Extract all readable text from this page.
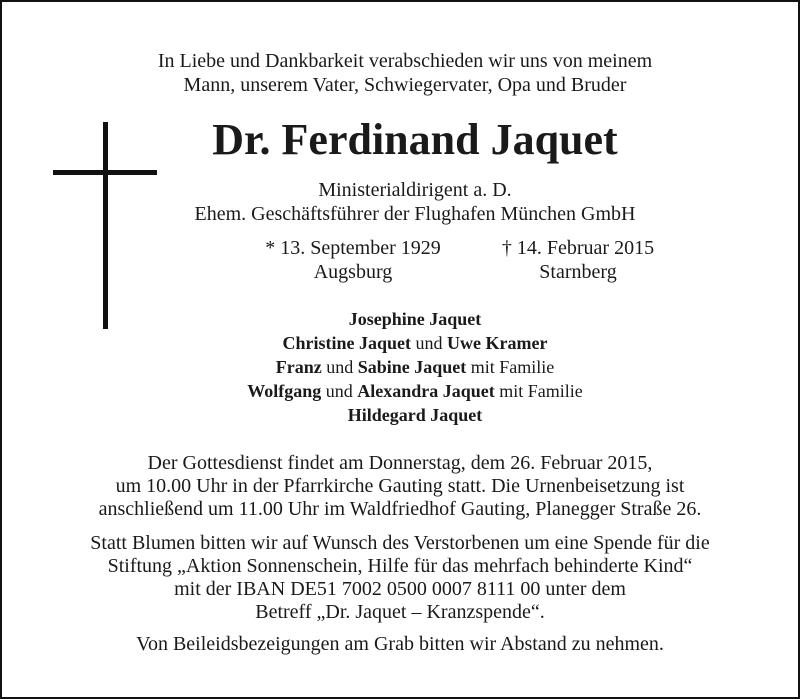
In Liebe und Dankbarkeit verabschieden wir uns von meinem
Mann, unserem Vater, Schwiegervater, Opa und Bruder
Dr. Ferdinand Jaquet
Ministerialdirigent a. D.
Ehem. Geschäftsführer der Flughafen München GmbH
* 13. September 1929
Augsburg
† 14. Februar 2015
Starnberg
Josephine Jaquet
Christine Jaquet und Uwe Kramer
Franz und Sabine Jaquet mit Familie
Wolfgang und Alexandra Jaquet mit Familie
Hildegard Jaquet
Der Gottesdienst findet am Donnerstag, dem 26. Februar 2015,
um 10.00 Uhr in der Pfarrkirche Gauting statt. Die Urnenbeisetzung ist
anschließend um 11.00 Uhr im Waldfriedhof Gauting, Planegger Straße 26.
Statt Blumen bitten wir auf Wunsch des Verstorbenen um eine Spende für die
Stiftung „Aktion Sonnenschein, Hilfe für das mehrfach behinderte Kind“
mit der IBAN DE51 7002 0500 0007 8111 00 unter dem
Betreff „Dr. Jaquet – Kranzspende“.
Von Beileidsbezeigungen am Grab bitten wir Abstand zu nehmen.
